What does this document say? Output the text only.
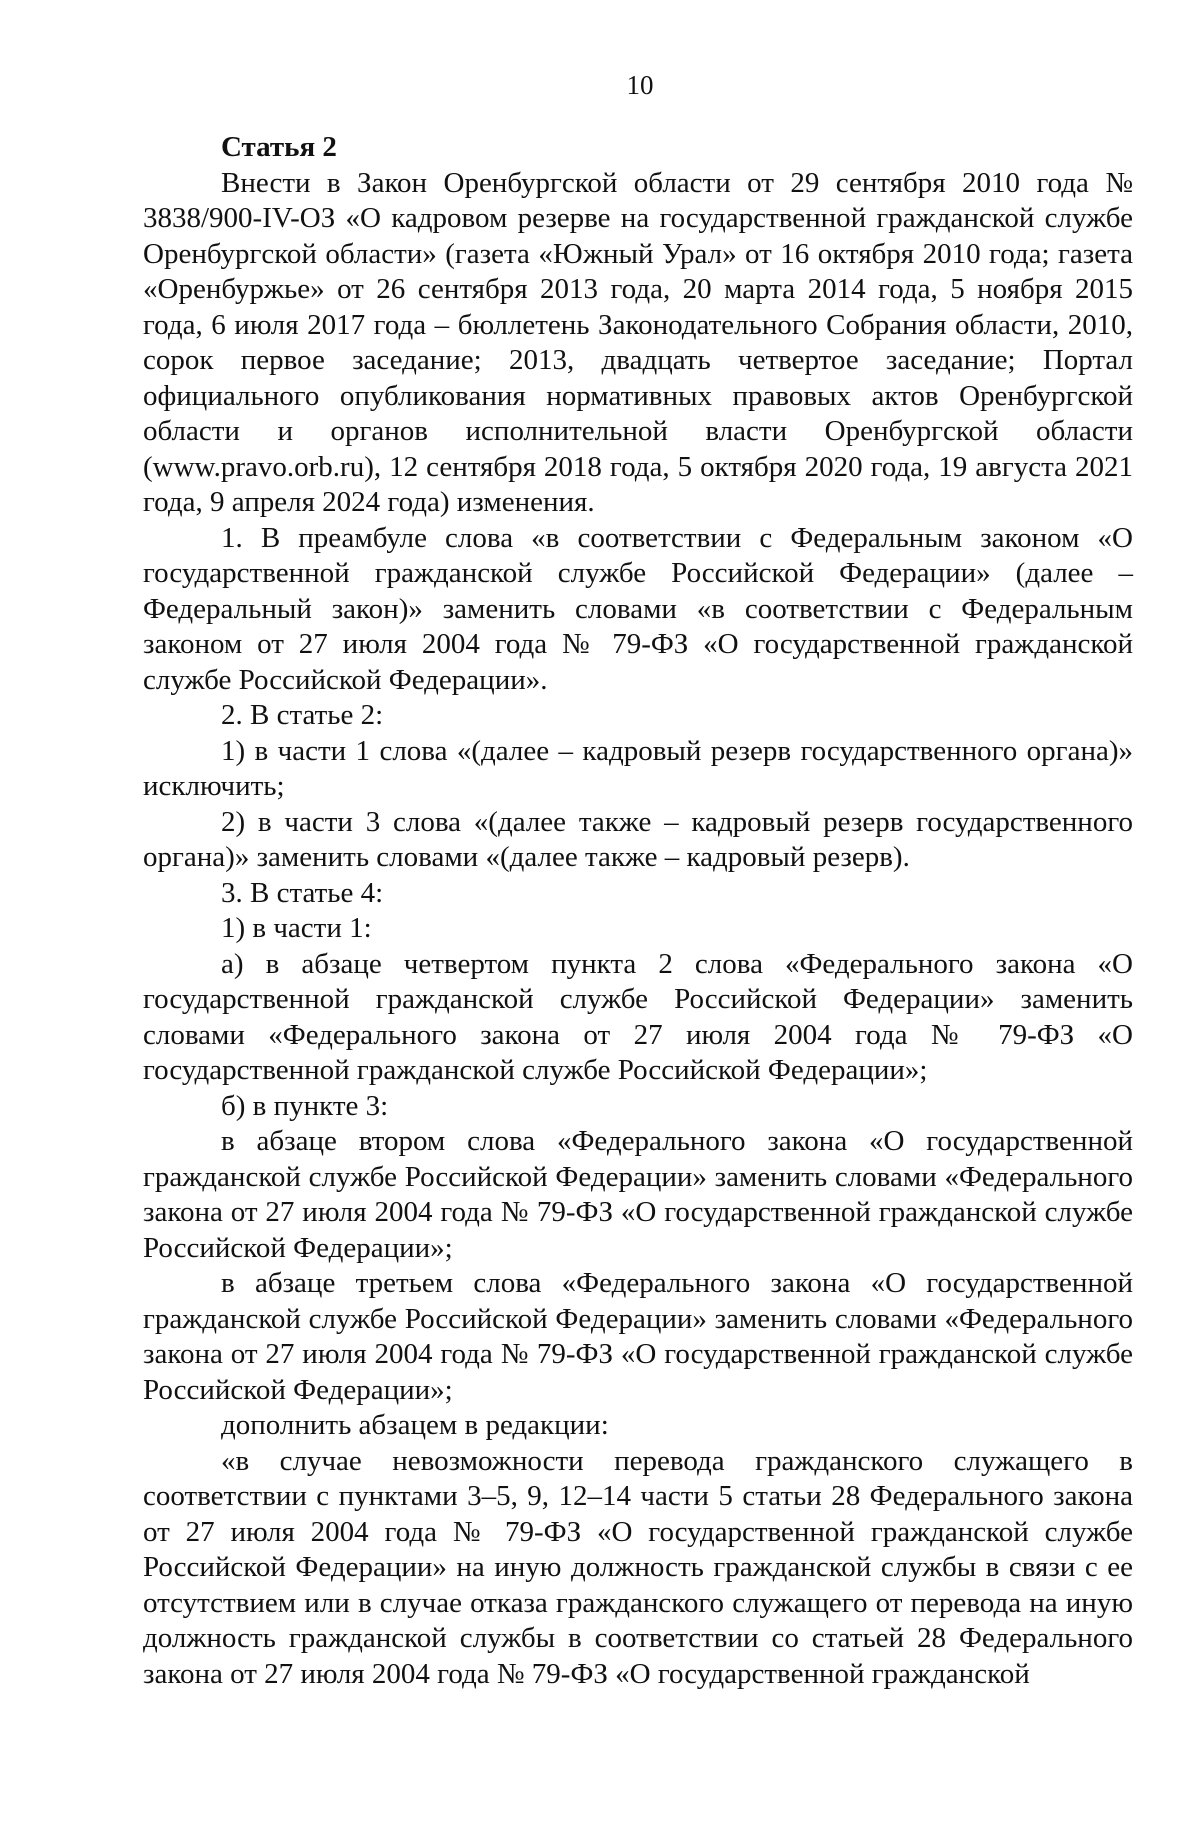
10
Статья 2

Внести в Закон Оренбургской области от 29 сентября 2010 года № 3838/900-IV-ОЗ «О кадровом резерве на государственной гражданской службе Оренбургской области» (газета «Южный Урал» от 16 октября 2010 года; газета «Оренбуржье» от 26 сентября 2013 года, 20 марта 2014 года, 5 ноября 2015 года, 6 июля 2017 года – бюллетень Законодательного Собрания области, 2010, сорок первое заседание; 2013, двадцать четвертое заседание; Портал официального опубликования нормативных правовых актов Оренбургской области и органов исполнительной власти Оренбургской области (www.pravo.orb.ru), 12 сентября 2018 года, 5 октября 2020 года, 19 августа 2021 года, 9 апреля 2024 года) изменения.

1. В преамбуле слова «в соответствии с Федеральным законом «О государственной гражданской службе Российской Федерации» (далее – Федеральный закон)» заменить словами «в соответствии с Федеральным законом от 27 июля 2004 года № 79-ФЗ «О государственной гражданской службе Российской Федерации».

2. В статье 2:

1) в части 1 слова «(далее – кадровый резерв государственного органа)» исключить;

2) в части 3 слова «(далее также – кадровый резерв государственного органа)» заменить словами «(далее также – кадровый резерв).

3. В статье 4:

1) в части 1:

а) в абзаце четвертом пункта 2 слова «Федерального закона «О государственной гражданской службе Российской Федерации» заменить словами «Федерального закона от 27 июля 2004 года № 79-ФЗ «О государственной гражданской службе Российской Федерации»;

б) в пункте 3:

в абзаце втором слова «Федерального закона «О государственной гражданской службе Российской Федерации» заменить словами «Федерального закона от 27 июля 2004 года № 79-ФЗ «О государственной гражданской службе Российской Федерации»;

в абзаце третьем слова «Федерального закона «О государственной гражданской службе Российской Федерации» заменить словами «Федерального закона от 27 июля 2004 года № 79-ФЗ «О государственной гражданской службе Российской Федерации»;

дополнить абзацем в редакции:

«в случае невозможности перевода гражданского служащего в соответствии с пунктами 3–5, 9, 12–14 части 5 статьи 28 Федерального закона от 27 июля 2004 года № 79-ФЗ «О государственной гражданской службе Российской Федерации» на иную должность гражданской службы в связи с ее отсутствием или в случае отказа гражданского служащего от перевода на иную должность гражданской службы в соответствии со статьей 28 Федерального закона от 27 июля 2004 года № 79-ФЗ «О государственной гражданской
